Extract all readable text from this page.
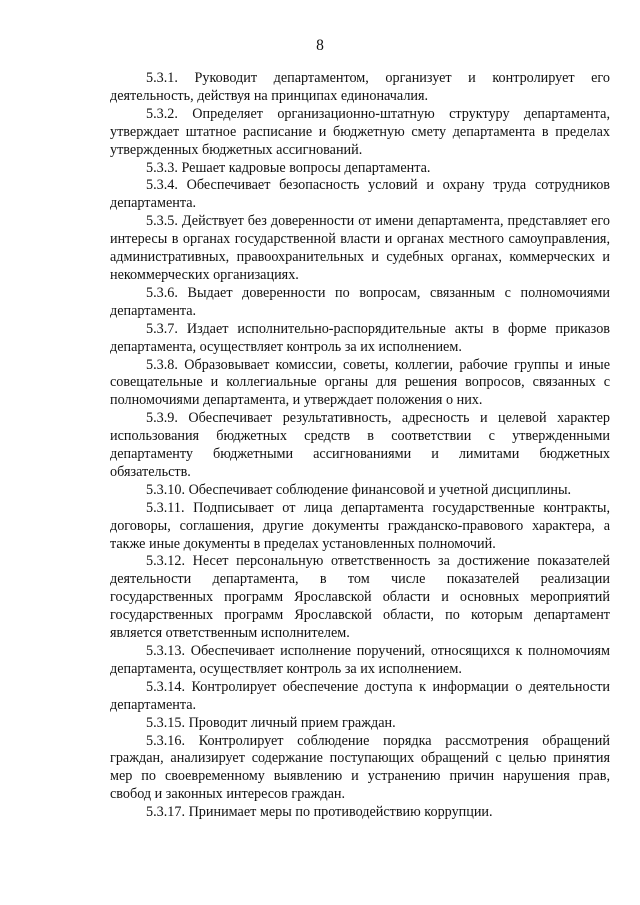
8

5.3.1. Руководит департаментом, организует и контролирует его деятельность, действуя на принципах единоначалия.

5.3.2. Определяет организационно-штатную структуру департамента, утверждает штатное расписание и бюджетную смету департамента в пределах утвержденных бюджетных ассигнований.

5.3.3. Решает кадровые вопросы департамента.

5.3.4. Обеспечивает безопасность условий и охрану труда сотрудников департамента.

5.3.5. Действует без доверенности от имени департамента, представляет его интересы в органах государственной власти и органах местного самоуправления, административных, правоохранительных и судебных органах, коммерческих и некоммерческих организациях.

5.3.6. Выдает доверенности по вопросам, связанным с полномочиями департамента.

5.3.7. Издает исполнительно-распорядительные акты в форме приказов департамента, осуществляет контроль за их исполнением.

5.3.8. Образовывает комиссии, советы, коллегии, рабочие группы и иные совещательные и коллегиальные органы для решения вопросов, связанных с полномочиями департамента, и утверждает положения о них.

5.3.9. Обеспечивает результативность, адресность и целевой характер использования бюджетных средств в соответствии с утвержденными департаменту бюджетными ассигнованиями и лимитами бюджетных обязательств.

5.3.10. Обеспечивает соблюдение финансовой и учетной дисциплины.

5.3.11. Подписывает от лица департамента государственные контракты, договоры, соглашения, другие документы гражданско-правового характера, а также иные документы в пределах установленных полномочий.

5.3.12. Несет персональную ответственность за достижение показателей деятельности департамента, в том числе показателей реализации государственных программ Ярославской области и основных мероприятий государственных программ Ярославской области, по которым департамент является ответственным исполнителем.

5.3.13. Обеспечивает исполнение поручений, относящихся к полномочиям департамента, осуществляет контроль за их исполнением.

5.3.14. Контролирует обеспечение доступа к информации о деятельности департамента.

5.3.15. Проводит личный прием граждан.

5.3.16. Контролирует соблюдение порядка рассмотрения обращений граждан, анализирует содержание поступающих обращений с целью принятия мер по своевременному выявлению и устранению причин нарушения прав, свобод и законных интересов граждан.

5.3.17. Принимает меры по противодействию коррупции.
